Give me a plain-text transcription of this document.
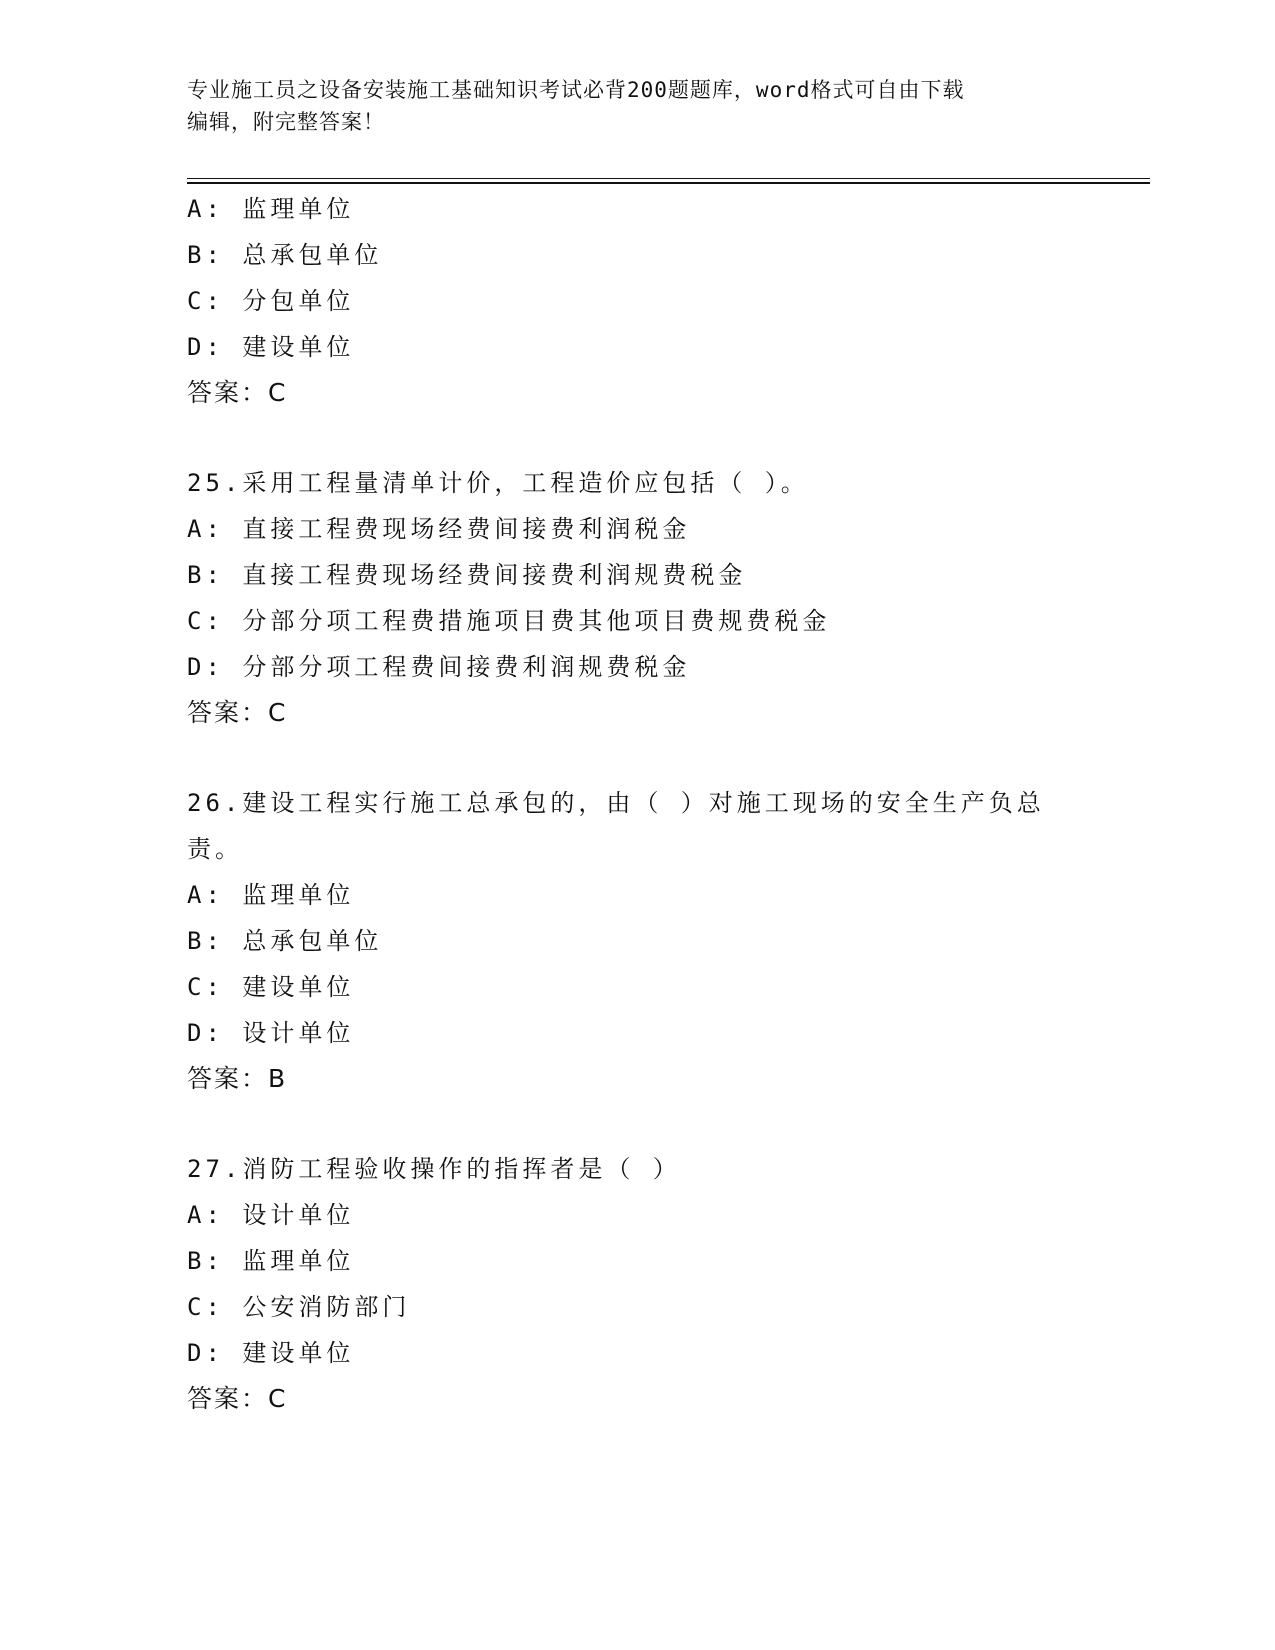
专业施工员之设备安装施工基础知识考试必背200题题库，word格式可自由下载
编辑，附完整答案！
A: 监理单位
B: 总承包单位
C: 分包单位
D: 建设单位
答案：C
25.采用工程量清单计价，工程造价应包括（ ）。
A: 直接工程费现场经费间接费利润税金
B: 直接工程费现场经费间接费利润规费税金
C: 分部分项工程费措施项目费其他项目费规费税金
D: 分部分项工程费间接费利润规费税金
答案：C
26.建设工程实行施工总承包的，由（ ）对施工现场的安全生产负总
责。
A: 监理单位
B: 总承包单位
C: 建设单位
D: 设计单位
答案：B
27.消防工程验收操作的指挥者是（ ）
A: 设计单位
B: 监理单位
C: 公安消防部门
D: 建设单位
答案：C
